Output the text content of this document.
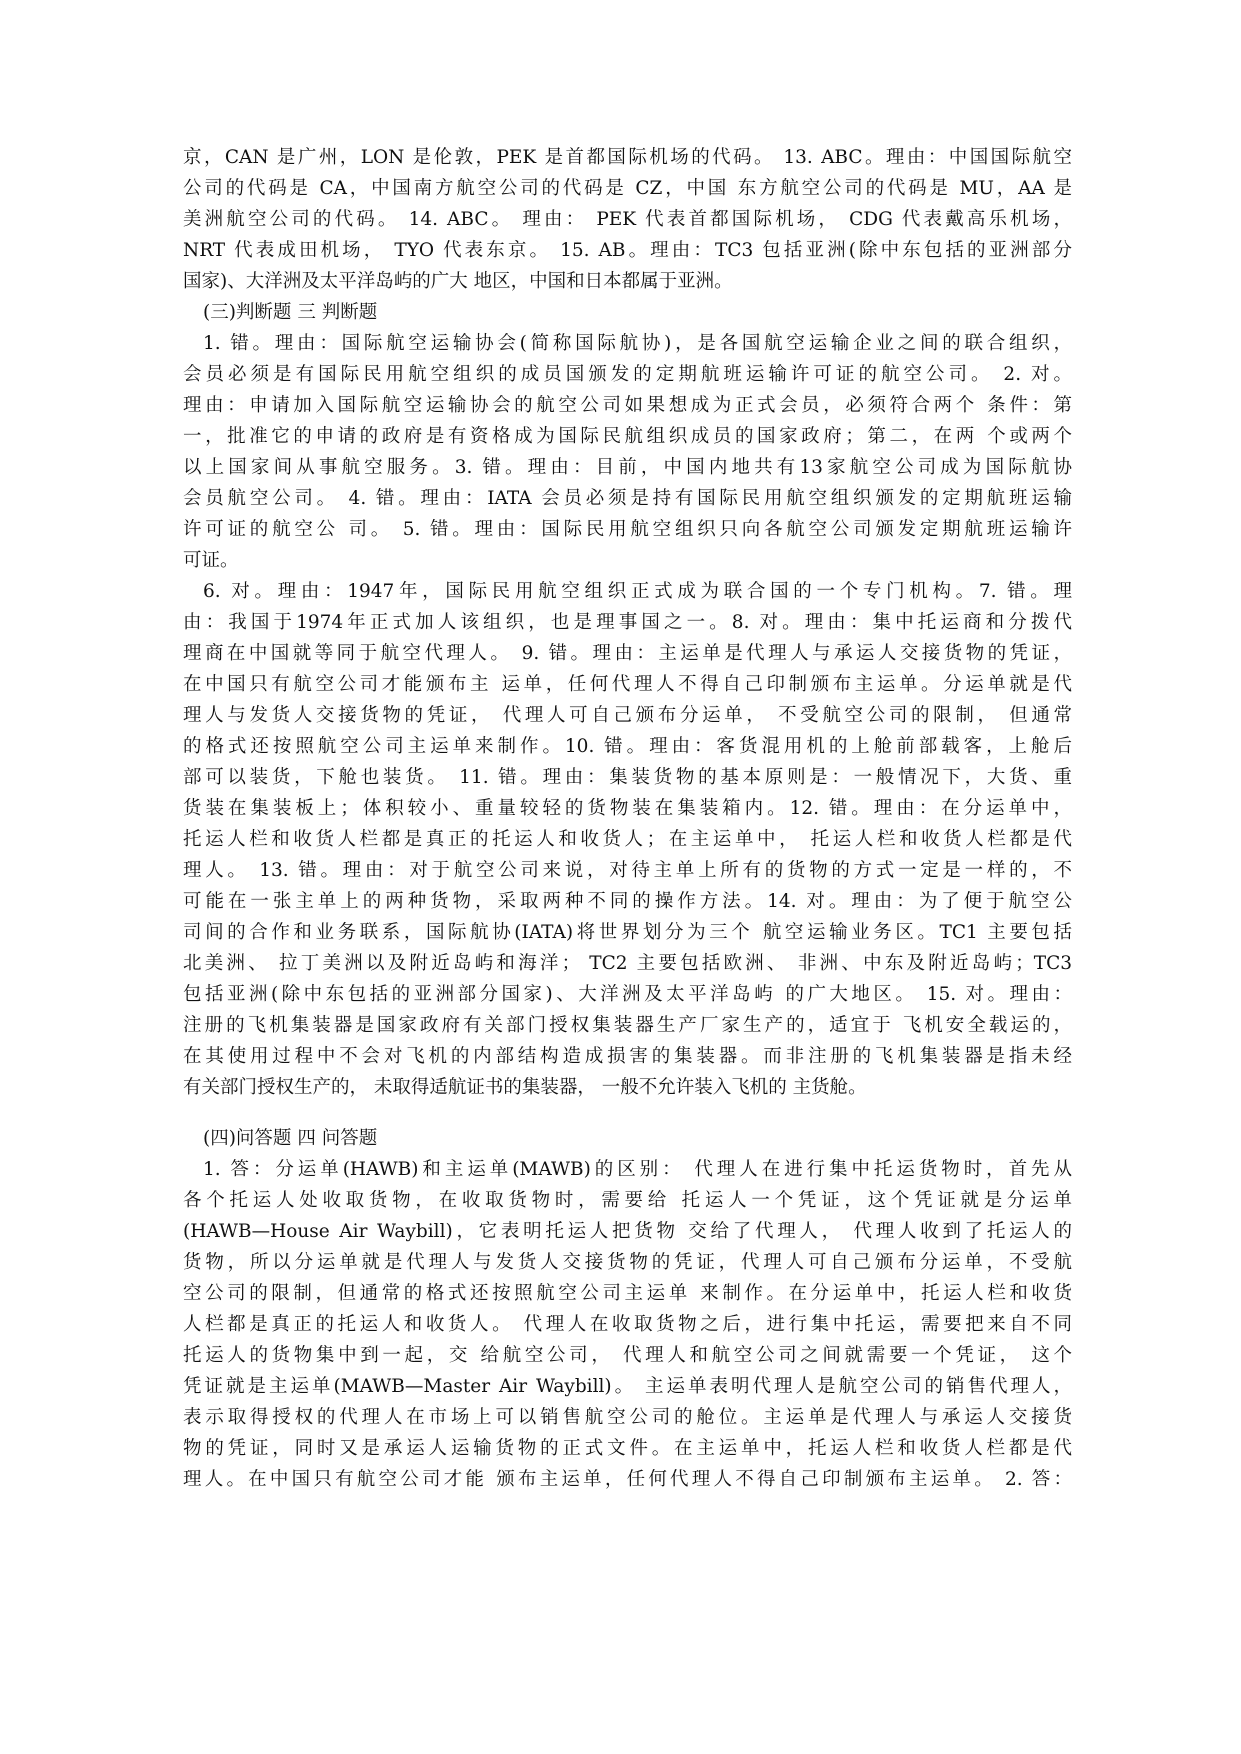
京，CAN 是广州，LON 是伦敦，PEK 是首都国际机场的代码。 13. ABC。理由：中国国际航空
公司的代码是 CA，中国南方航空公司的代码是 CZ，中国 东方航空公司的代码是 MU，AA 是
美洲航空公司的代码。 14. ABC。 理由： PEK 代表首都国际机场， CDG 代表戴高乐机场，
NRT 代表成田机场， TYO 代表东京。 15. AB。理由：TC3 包括亚洲(除中东包括的亚洲部分
国家)、大洋洲及太平洋岛屿的广大 地区，中国和日本都属于亚洲。
(三)判断题 三 判断题
1. 错。理由：国际航空运输协会(简称国际航协)，是各国航空运输企业之间的联合组织，
会员必须是有国际民用航空组织的成员国颁发的定期航班运输许可证的航空公司。 2. 对。
理由：申请加入国际航空运输协会的航空公司如果想成为正式会员，必须符合两个 条件：第
一，批准它的申请的政府是有资格成为国际民航组织成员的国家政府；第二，在两 个或两个
以上国家间从事航空服务。3. 错。理由：目前，中国内地共有13家航空公司成为国际航协
会员航空公司。 4. 错。理由：IATA 会员必须是持有国际民用航空组织颁发的定期航班运输
许可证的航空公 司。 5. 错。理由：国际民用航空组织只向各航空公司颁发定期航班运输许
可证。
6. 对。理由：1947年，国际民用航空组织正式成为联合国的一个专门机构。7. 错。理
由：我国于1974年正式加人该组织，也是理事国之一。8. 对。理由：集中托运商和分拨代
理商在中国就等同于航空代理人。 9. 错。理由：主运单是代理人与承运人交接货物的凭证，
在中国只有航空公司才能颁布主 运单，任何代理人不得自己印制颁布主运单。分运单就是代
理人与发货人交接货物的凭证， 代理人可自己颁布分运单， 不受航空公司的限制， 但通常
的格式还按照航空公司主运单来制作。10. 错。理由：客货混用机的上舱前部载客，上舱后
部可以装货，下舱也装货。 11. 错。理由：集装货物的基本原则是：一般情况下，大货、重
货装在集装板上；体积较小、重量较轻的货物装在集装箱内。12. 错。理由：在分运单中，
托运人栏和收货人栏都是真正的托运人和收货人；在主运单中， 托运人栏和收货人栏都是代
理人。 13. 错。理由：对于航空公司来说，对待主单上所有的货物的方式一定是一样的，不
可能在一张主单上的两种货物，采取两种不同的操作方法。14. 对。理由：为了便于航空公
司间的合作和业务联系，国际航协(IATA)将世界划分为三个 航空运输业务区。TC1 主要包括
北美洲、 拉丁美洲以及附近岛屿和海洋； TC2 主要包括欧洲、 非洲、中东及附近岛屿；TC3
包括亚洲(除中东包括的亚洲部分国家)、大洋洲及太平洋岛屿 的广大地区。 15. 对。理由：
注册的飞机集装器是国家政府有关部门授权集装器生产厂家生产的，适宜于 飞机安全载运的，
在其使用过程中不会对飞机的内部结构造成损害的集装器。而非注册的飞机集装器是指未经
有关部门授权生产的， 未取得适航证书的集装器， 一般不允许装入飞机的 主货舱。
(四)问答题 四 问答题
1. 答：分运单(HAWB)和主运单(MAWB)的区别： 代理人在进行集中托运货物时，首先从
各个托运人处收取货物，在收取货物时，需要给 托运人一个凭证，这个凭证就是分运单
(HAWB—House Air Waybill)，它表明托运人把货物 交给了代理人， 代理人收到了托运人的
货物，所以分运单就是代理人与发货人交接货物的凭证，代理人可自己颁布分运单，不受航
空公司的限制，但通常的格式还按照航空公司主运单 来制作。在分运单中，托运人栏和收货
人栏都是真正的托运人和收货人。 代理人在收取货物之后，进行集中托运，需要把来自不同
托运人的货物集中到一起，交 给航空公司， 代理人和航空公司之间就需要一个凭证， 这个
凭证就是主运单(MAWB—Master Air Waybill)。 主运单表明代理人是航空公司的销售代理人，
表示取得授权的代理人在市场上可以销售航空公司的舱位。主运单是代理人与承运人交接货
物的凭证，同时又是承运人运输货物的正式文件。在主运单中，托运人栏和收货人栏都是代
理人。在中国只有航空公司才能 颁布主运单，任何代理人不得自己印制颁布主运单。 2. 答：
